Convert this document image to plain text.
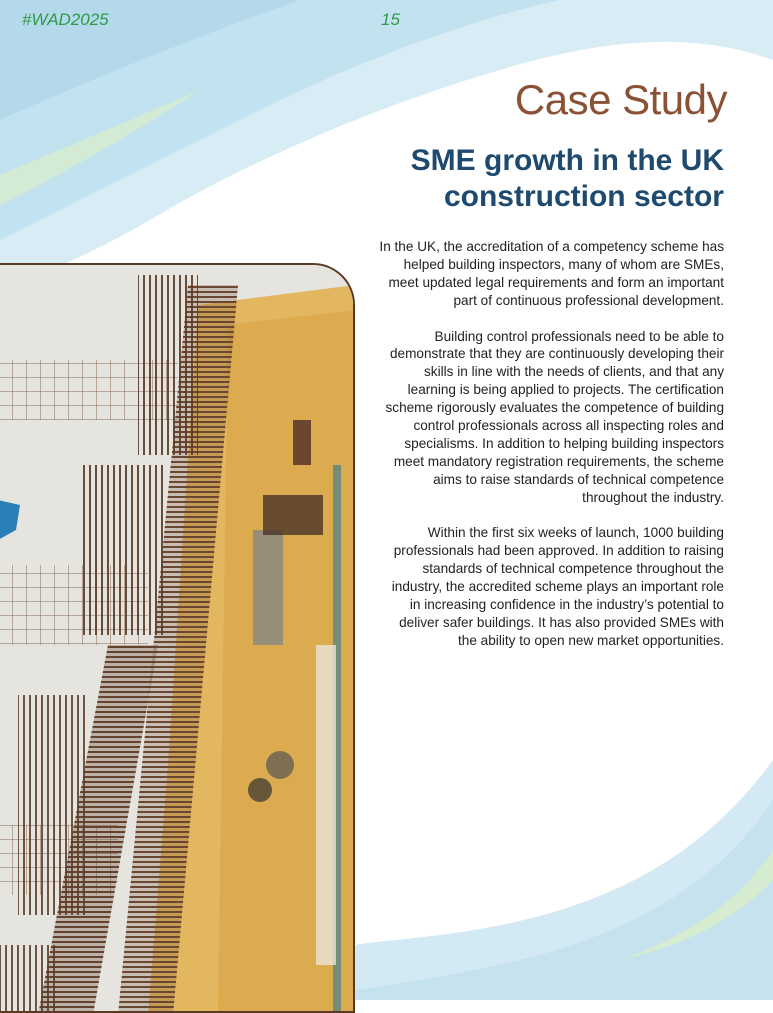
#WAD2025	15
Case Study
SME growth in the UK construction sector

In the UK, the accreditation of a competency scheme has helped building inspectors, many of whom are SMEs, meet updated legal requirements and form an important part of continuous professional development.

Building control professionals need to be able to demonstrate that they are continuously developing their skills in line with the needs of clients, and that any learning is being applied to projects. The certification scheme rigorously evaluates the competence of building control professionals across all inspecting roles and specialisms. In addition to helping building inspectors meet mandatory registration requirements, the scheme aims to raise standards of technical competence throughout the industry.

Within the first six weeks of launch, 1000 building professionals had been approved. In addition to raising standards of technical competence throughout the industry, the accredited scheme plays an important role in increasing confidence in the industry’s potential to deliver safer buildings. It has also provided SMEs with the ability to open new market opportunities.
